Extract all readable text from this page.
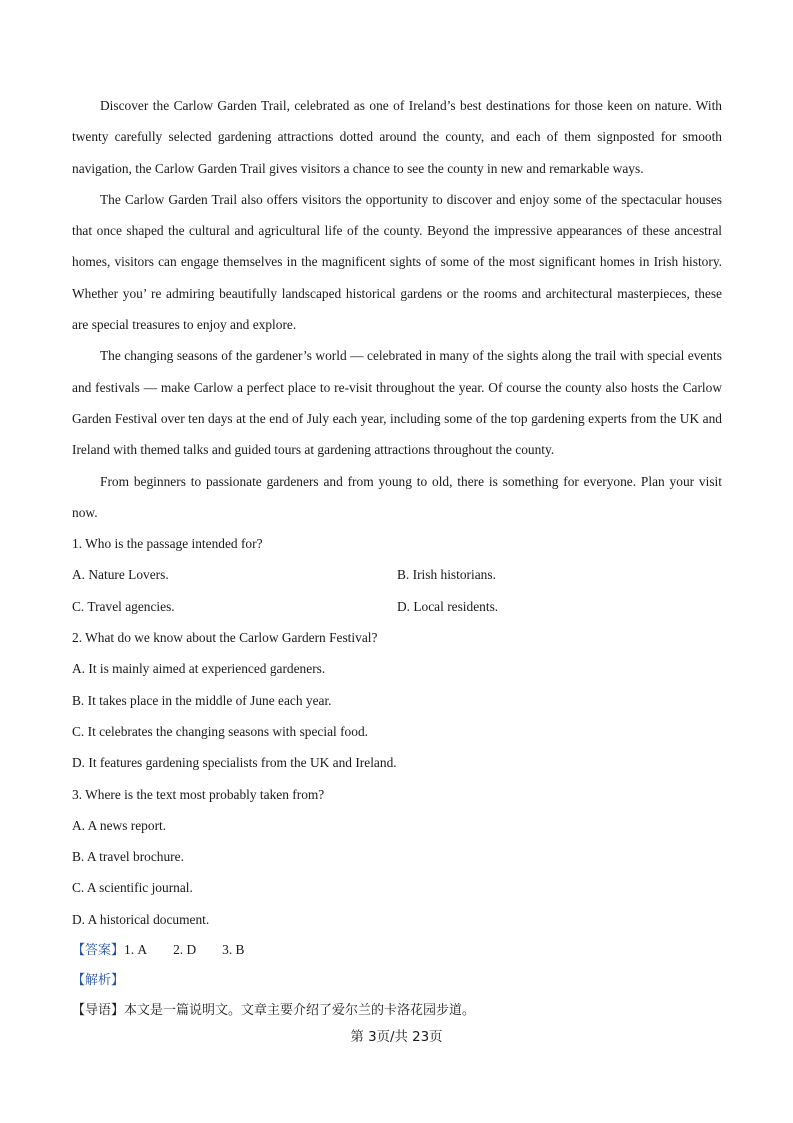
Discover the Carlow Garden Trail, celebrated as one of Ireland’s best destinations for those keen on nature. With twenty carefully selected gardening attractions dotted around the county, and each of them signposted for smooth navigation, the Carlow Garden Trail gives visitors a chance to see the county in new and remarkable ways.

The Carlow Garden Trail also offers visitors the opportunity to discover and enjoy some of the spectacular houses that once shaped the cultural and agricultural life of the county. Beyond the impressive appearances of these ancestral homes, visitors can engage themselves in the magnificent sights of some of the most significant homes in Irish history. Whether you’ re admiring beautifully landscaped historical gardens or the rooms and architectural masterpieces, these are special treasures to enjoy and explore.

The changing seasons of the gardener’s world — celebrated in many of the sights along the trail with special events and festivals — make Carlow a perfect place to re-visit throughout the year. Of course the county also hosts the Carlow Garden Festival over ten days at the end of July each year, including some of the top gardening experts from the UK and Ireland with themed talks and guided tours at gardening attractions throughout the county.

From beginners to passionate gardeners and from young to old, there is something for everyone. Plan your visit now.

1. Who is the passage intended for?

A. Nature Lovers.	B. Irish historians.
C. Travel agencies.	D. Local residents.

2. What do we know about the Carlow Gardern Festival?

A. It is mainly aimed at experienced gardeners.

B. It takes place in the middle of June each year.

C. It celebrates the changing seasons with special food.

D. It features gardening specialists from the UK and Ireland.

3. Where is the text most probably taken from?

A. A news report.

B. A travel brochure.

C. A scientific journal.

D. A historical document.

【答案】1. A 2. D 3. B

【解析】

【导语】本文是一篇说明文。文章主要介绍了爱尔兰的卡洛花园步道。

第 3页/共 23页
